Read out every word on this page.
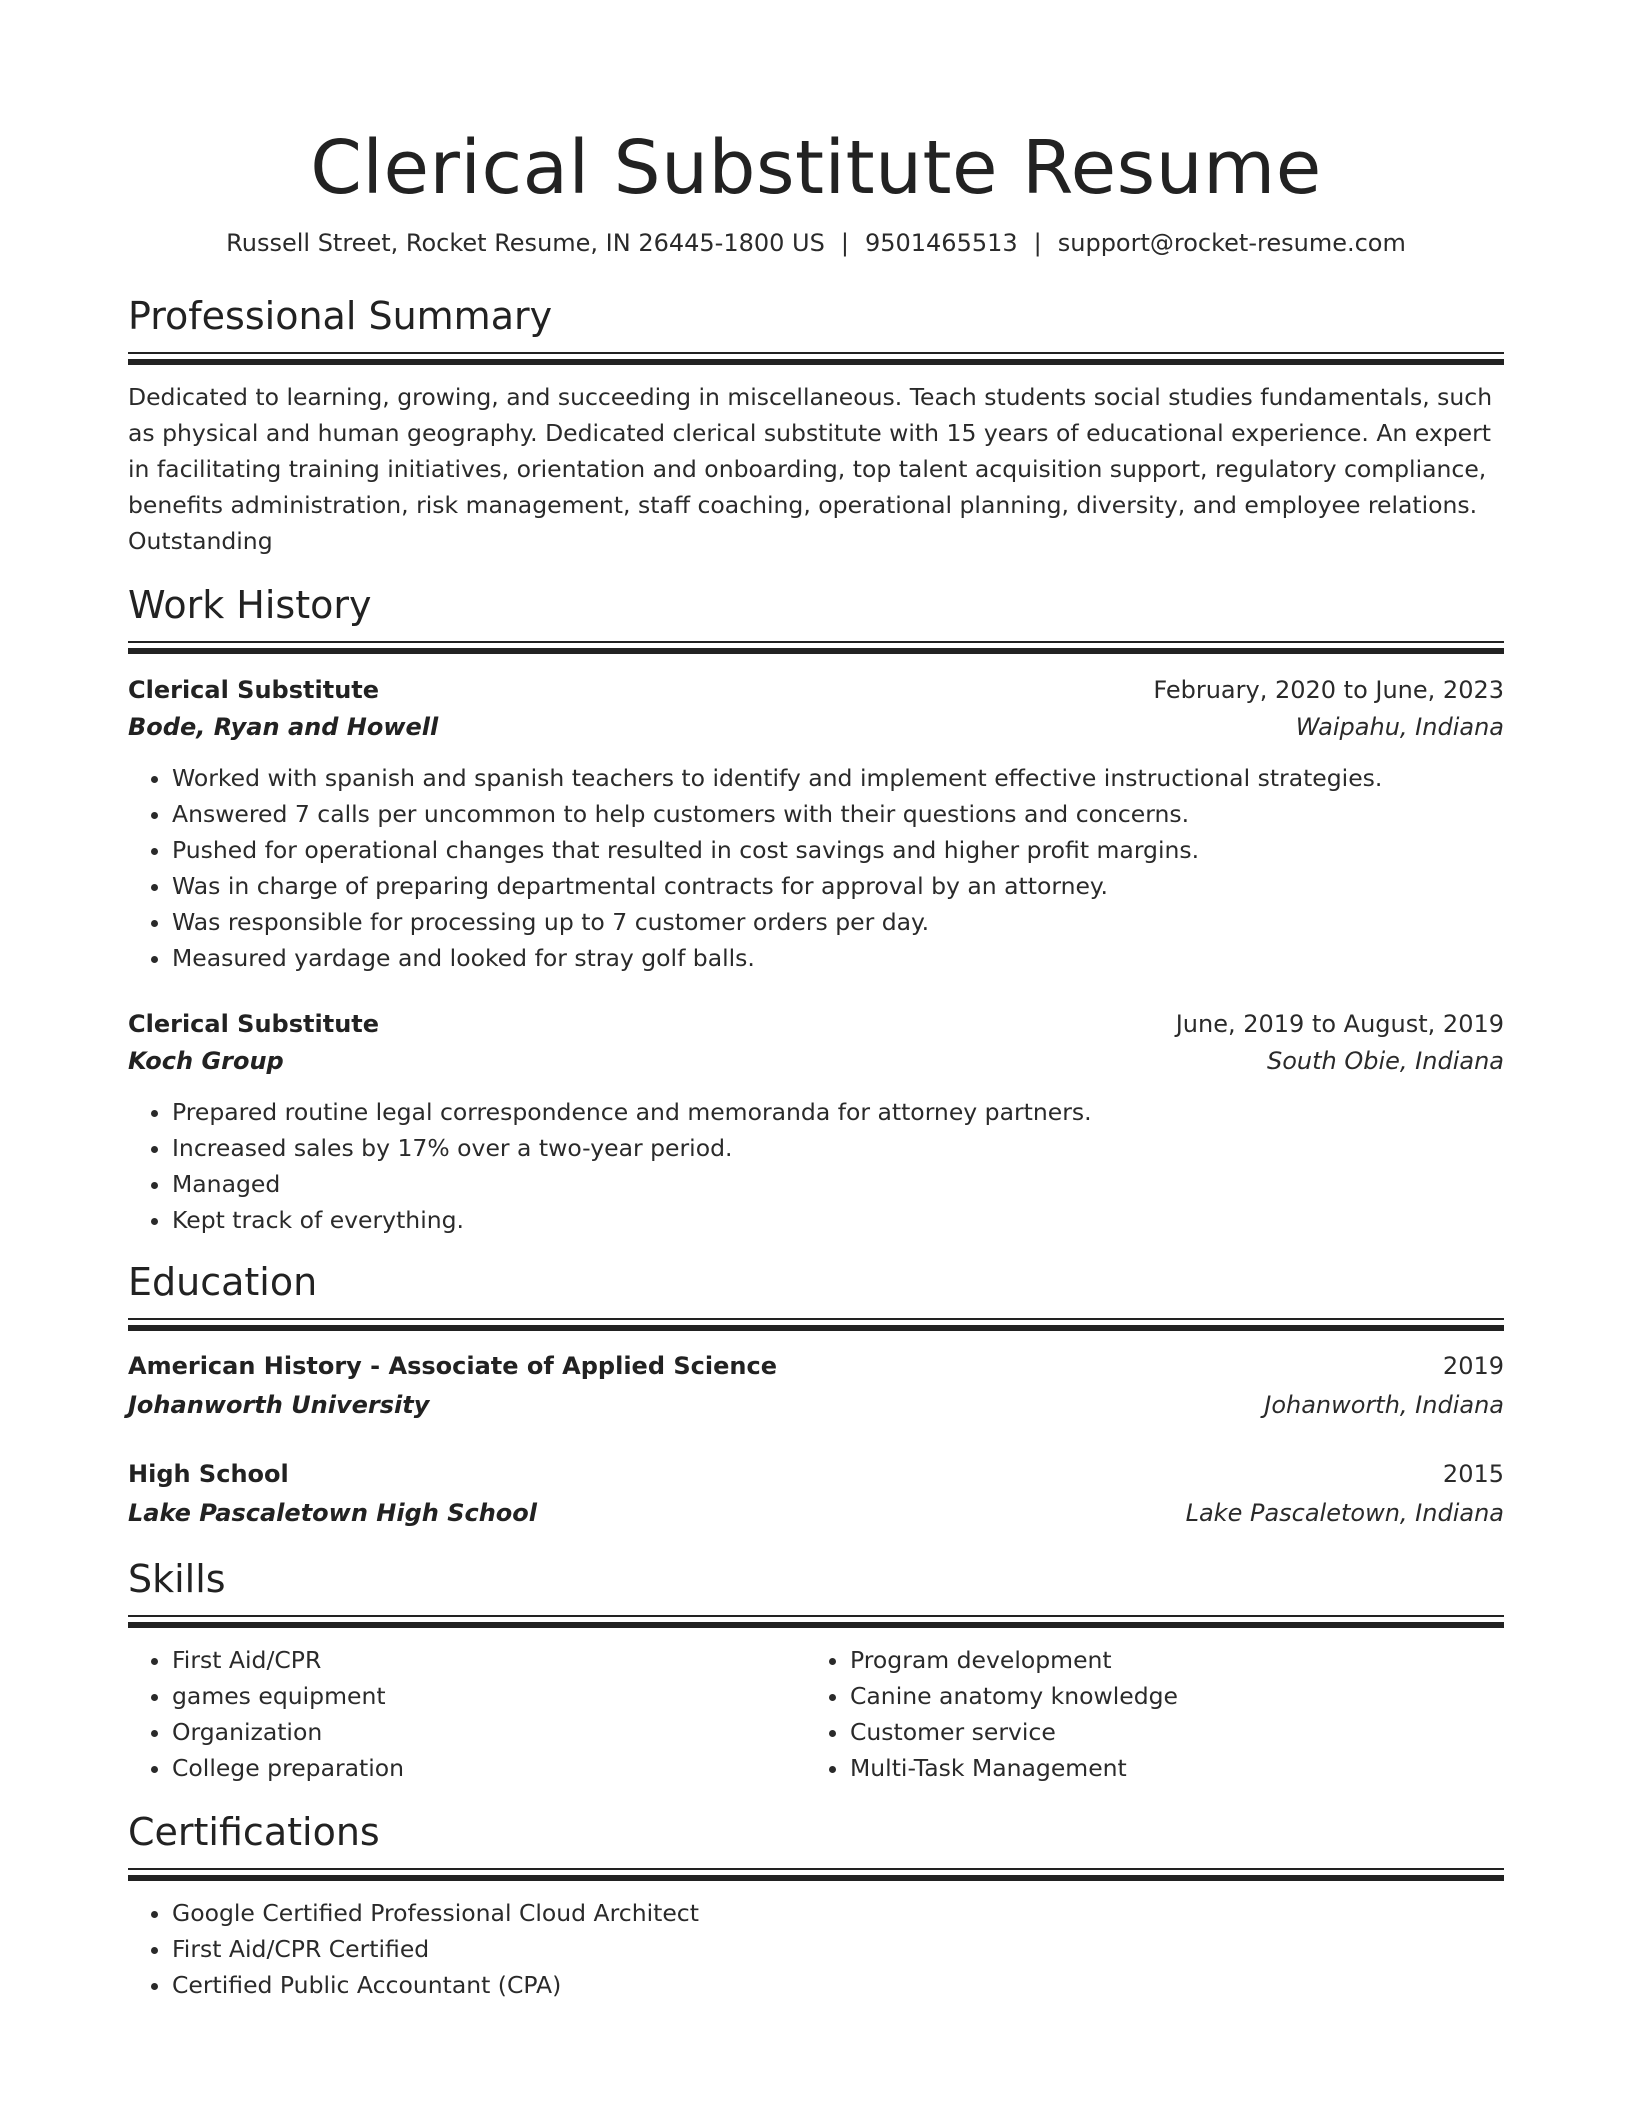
Clerical Substitute Resume
Russell Street, Rocket Resume, IN 26445-1800 US | 9501465513 | support@rocket-resume.com
Professional Summary
Dedicated to learning, growing, and succeeding in miscellaneous. Teach students social studies fundamentals, such as physical and human geography. Dedicated clerical substitute with 15 years of educational experience. An expert in facilitating training initiatives, orientation and onboarding, top talent acquisition support, regulatory compliance, benefits administration, risk management, staff coaching, operational planning, diversity, and employee relations. Outstanding
Work History
Clerical Substitute	February, 2020 to June, 2023
Bode, Ryan and Howell	Waipahu, Indiana
• Worked with spanish and spanish teachers to identify and implement effective instructional strategies.
• Answered 7 calls per uncommon to help customers with their questions and concerns.
• Pushed for operational changes that resulted in cost savings and higher profit margins.
• Was in charge of preparing departmental contracts for approval by an attorney.
• Was responsible for processing up to 7 customer orders per day.
• Measured yardage and looked for stray golf balls.
Clerical Substitute	June, 2019 to August, 2019
Koch Group	South Obie, Indiana
• Prepared routine legal correspondence and memoranda for attorney partners.
• Increased sales by 17% over a two-year period.
• Managed
• Kept track of everything.
Education
American History - Associate of Applied Science	2019
Johanworth University	Johanworth, Indiana
High School	2015
Lake Pascaletown High School	Lake Pascaletown, Indiana
Skills
• First Aid/CPR
• games equipment
• Organization
• College preparation
• Program development
• Canine anatomy knowledge
• Customer service
• Multi-Task Management
Certifications
• Google Certified Professional Cloud Architect
• First Aid/CPR Certified
• Certified Public Accountant (CPA)
